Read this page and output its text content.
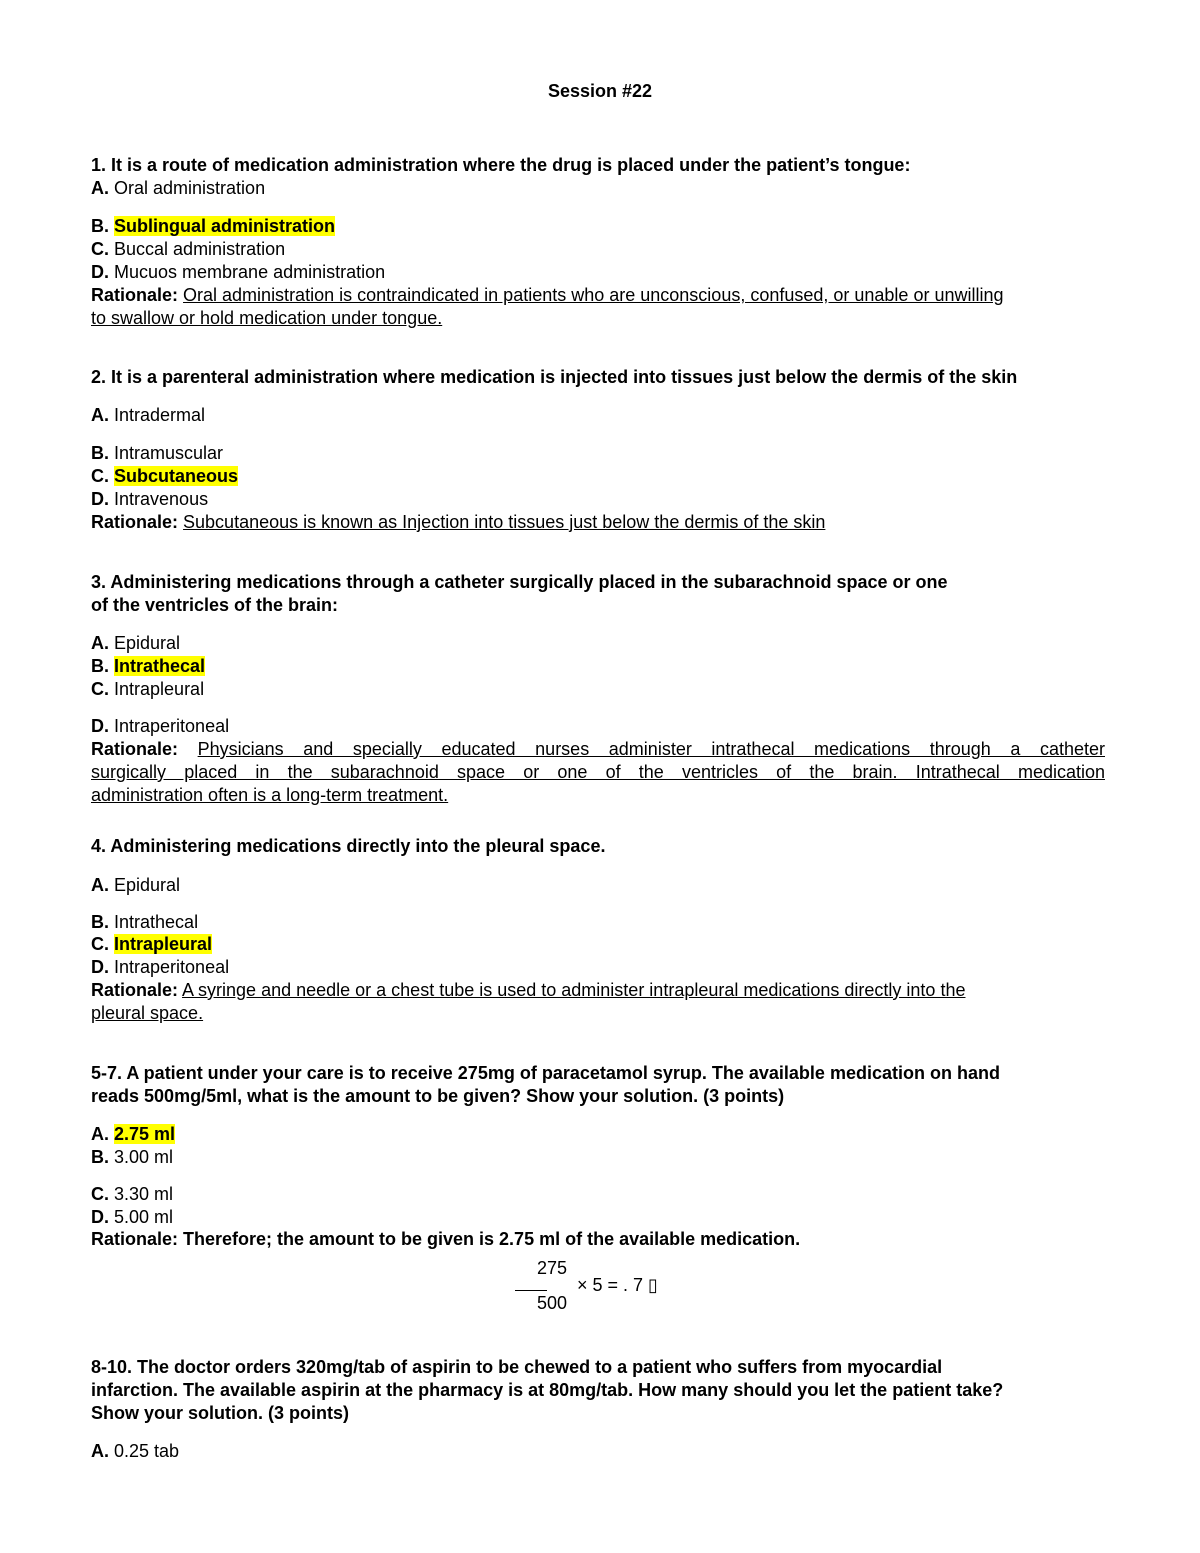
Session #22
1. It is a route of medication administration where the drug is placed under the patient’s tongue:
A. Oral administration
B. Sublingual administration
C. Buccal administration
D. Mucuos membrane administration
Rationale: Oral administration is contraindicated in patients who are unconscious, confused, or unable or unwilling
to swallow or hold medication under tongue.
2. It is a parenteral administration where medication is injected into tissues just below the dermis of the skin
A. Intradermal
B. Intramuscular
C. Subcutaneous
D. Intravenous
Rationale: Subcutaneous is known as Injection into tissues just below the dermis of the skin
3. Administering medications through a catheter surgically placed in the subarachnoid space or one
of the ventricles of the brain:
A. Epidural
B. Intrathecal
C. Intrapleural
D. Intraperitoneal
Rationale: Physicians and specially educated nurses administer intrathecal medications through a catheter
surgically placed in the subarachnoid space or one of the ventricles of the brain. Intrathecal medication
administration often is a long-term treatment.
4. Administering medications directly into the pleural space.
A. Epidural
B. Intrathecal
C. Intrapleural
D. Intraperitoneal
Rationale: A syringe and needle or a chest tube is used to administer intrapleural medications directly into the
pleural space.
5-7. A patient under your care is to receive 275mg of paracetamol syrup. The available medication on hand
reads 500mg/5ml, what is the amount to be given? Show your solution. (3 points)
A. 2.75 ml
B. 3.00 ml
C. 3.30 ml
D. 5.00 ml
Rationale: Therefore; the amount to be given is 2.75 ml of the available medication.
275
500
× 5 = . 7 ▯
8-10. The doctor orders 320mg/tab of aspirin to be chewed to a patient who suffers from myocardial
infarction. The available aspirin at the pharmacy is at 80mg/tab. How many should you let the patient take?
Show your solution. (3 points)
A. 0.25 tab
